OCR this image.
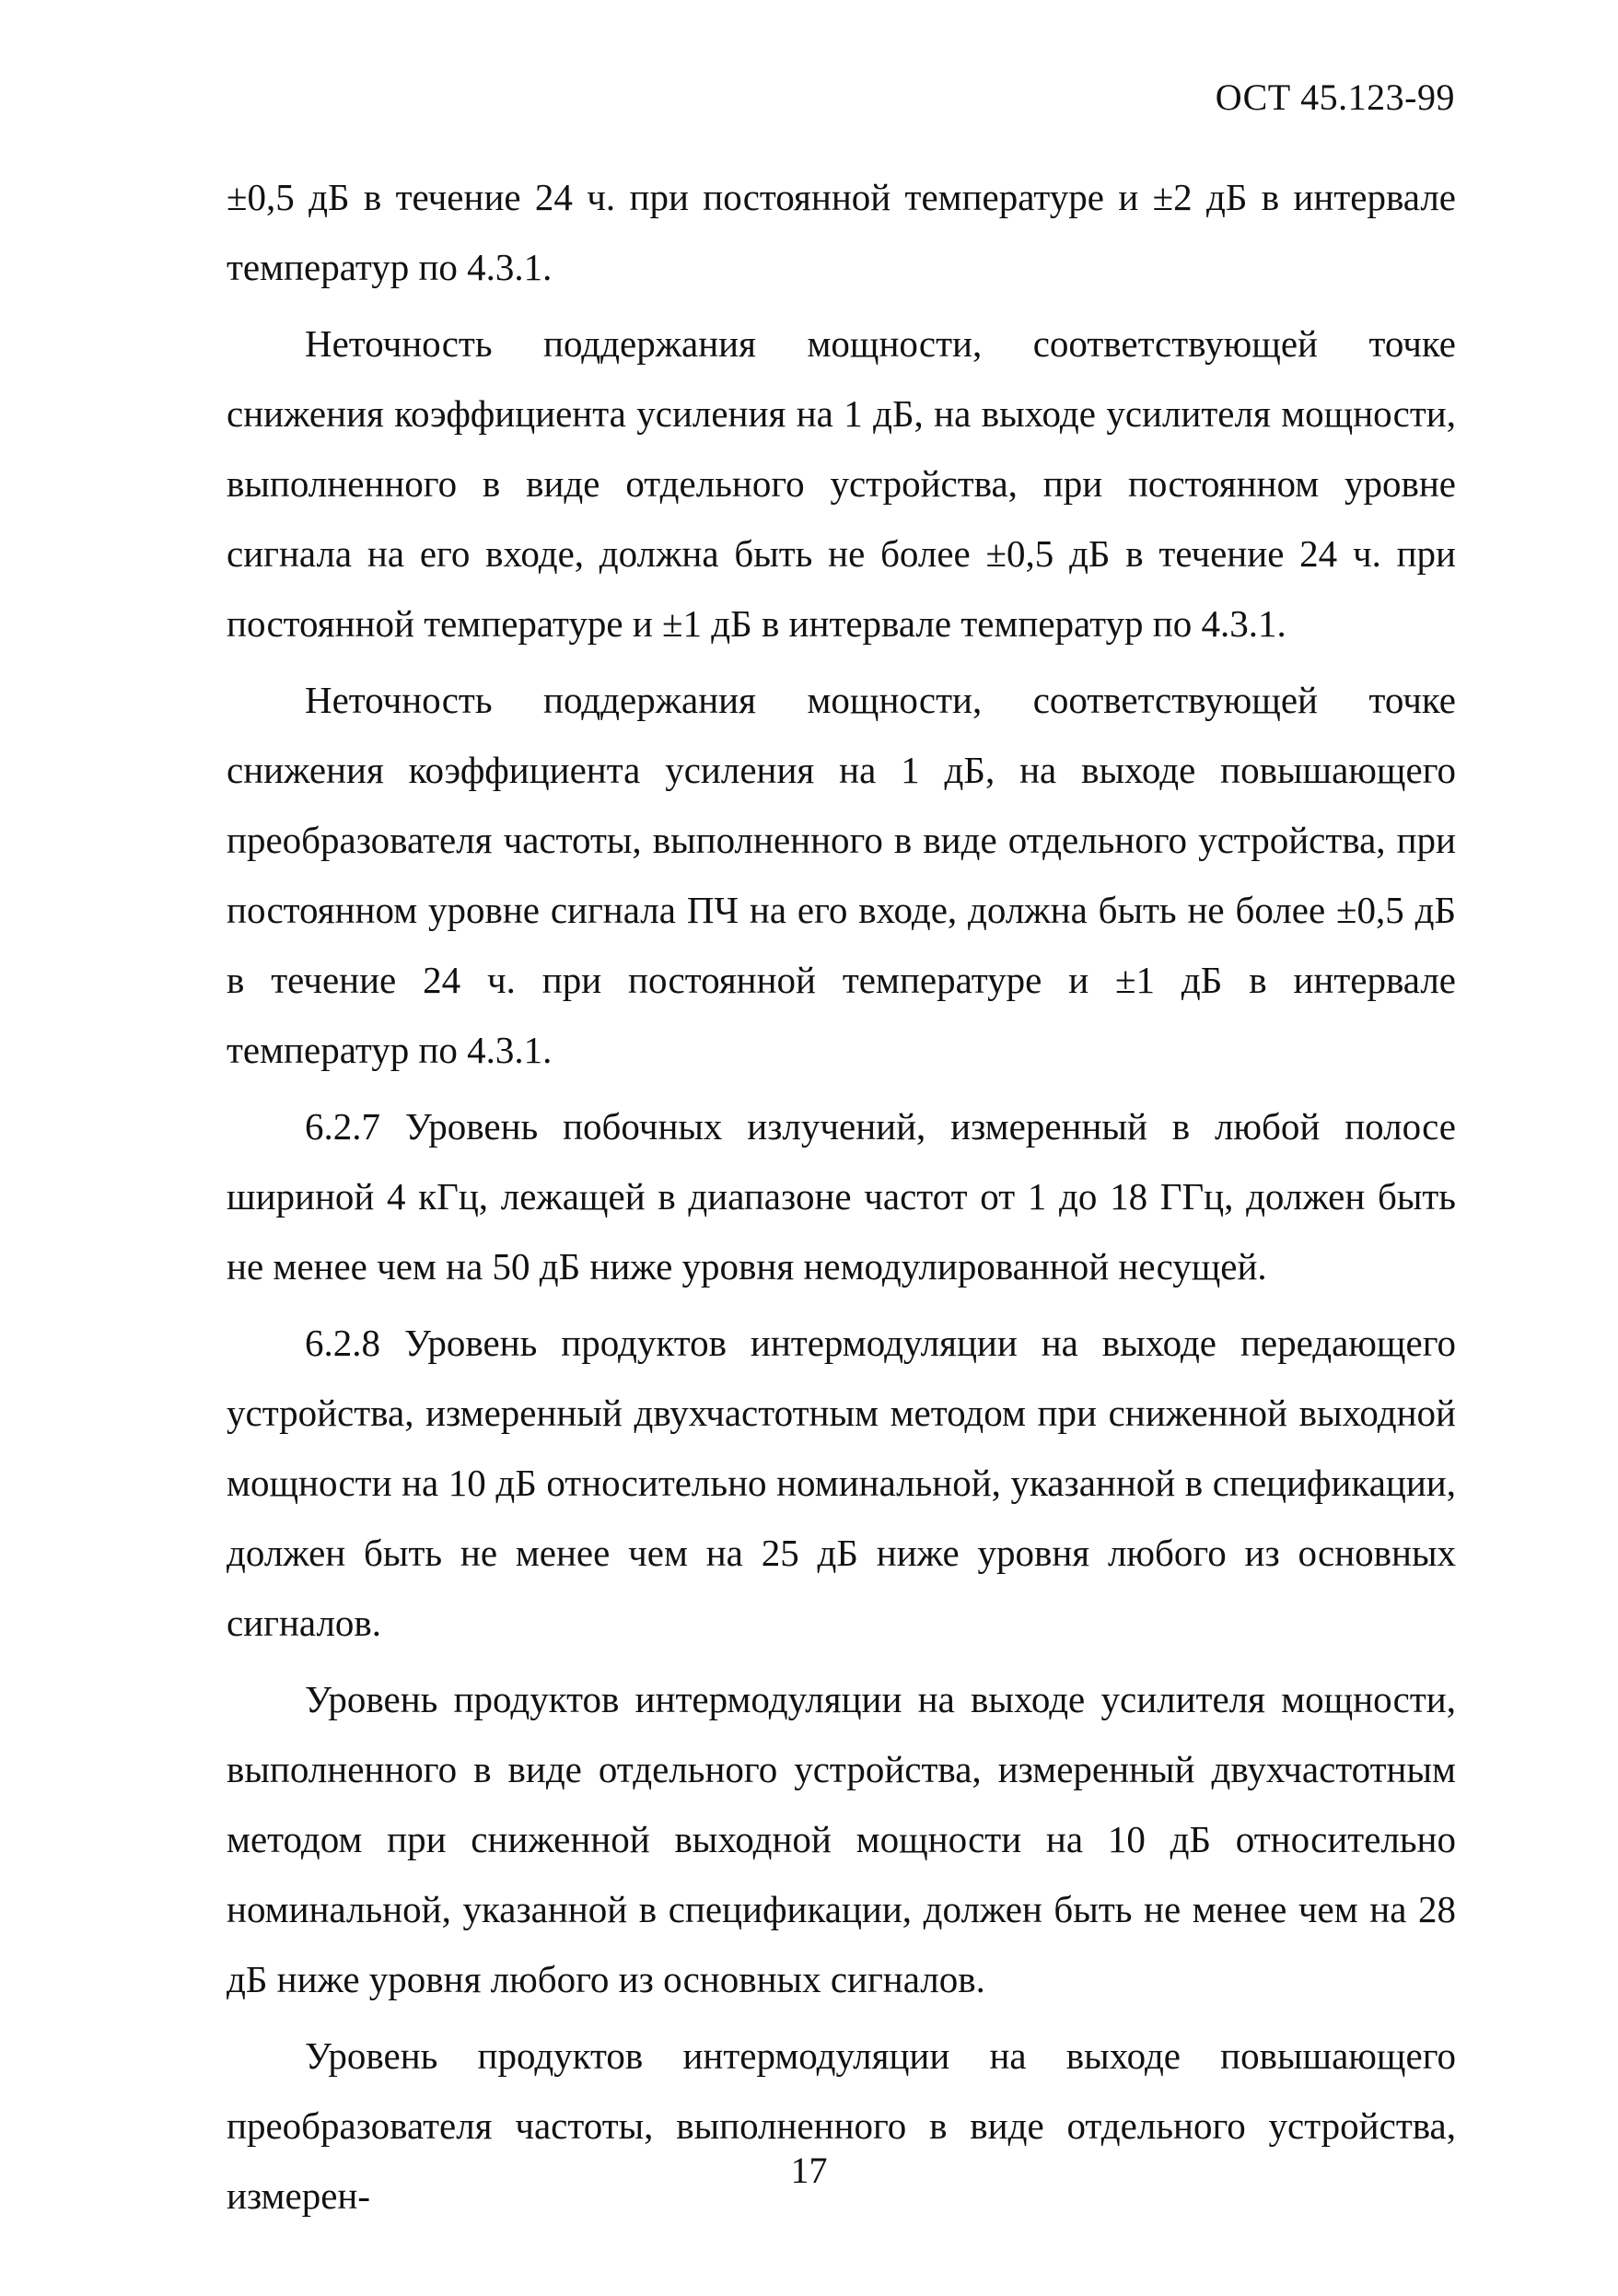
ОСТ 45.123-99

±0,5 дБ в течение 24 ч. при постоянной температуре и ±2 дБ в интервале температур по 4.3.1.

Неточность поддержания мощности, соответствующей точке снижения коэффициента усиления на 1 дБ, на выходе усилителя мощности, выполненного в виде отдельного устройства, при постоянном уровне сигнала на его входе, должна быть не более ±0,5 дБ в течение 24 ч. при постоянной температуре и ±1 дБ в интервале температур по 4.3.1.

Неточность поддержания мощности, соответствующей точке снижения коэффициента усиления на 1 дБ, на выходе повышающего преобразователя частоты, выполненного в виде отдельного устройства, при постоянном уровне сигнала ПЧ на его входе, должна быть не более ±0,5 дБ в течение 24 ч. при постоянной температуре и ±1 дБ в интервале температур по 4.3.1.

6.2.7 Уровень побочных излучений, измеренный в любой полосе шириной 4 кГц, лежащей в диапазоне частот от 1 до 18 ГГц, должен быть не менее чем на 50 дБ ниже уровня немодулированной несущей.

6.2.8 Уровень продуктов интермодуляции на выходе передающего устройства, измеренный двухчастотным методом при сниженной выходной мощности на 10 дБ относительно номинальной, указанной в спецификации, должен быть не менее чем на 25 дБ ниже уровня любого из основных сигналов.

Уровень продуктов интермодуляции на выходе усилителя мощности, выполненного в виде отдельного устройства, измеренный двухчастотным методом при сниженной выходной мощности на 10 дБ относительно номинальной, указанной в спецификации, должен быть не менее чем на 28 дБ ниже уровня любого из основных сигналов.

Уровень продуктов интермодуляции на выходе повышающего преобразователя частоты, выполненного в виде отдельного устройства, измерен-

17
